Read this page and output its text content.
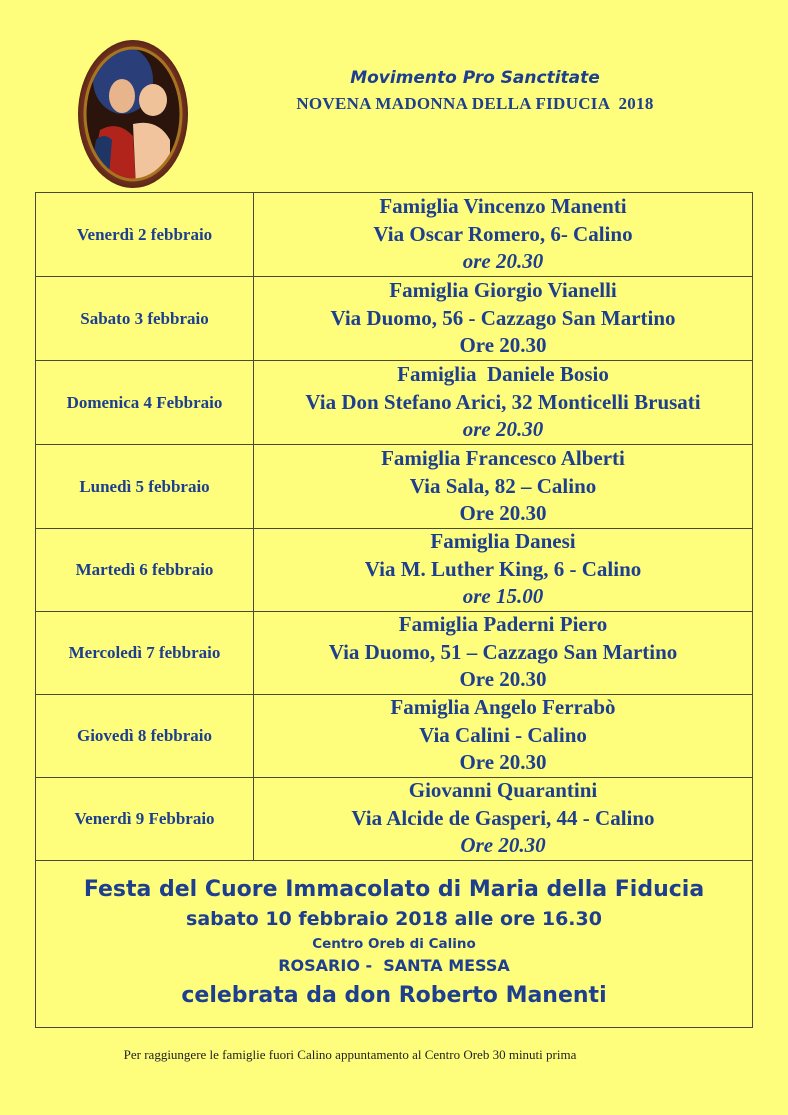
Movimento Pro Sanctitate
NOVENA MADONNA DELLA FIDUCIA  2018
Venerdì 2 febbraio
Famiglia Vincenzo Manenti
Via Oscar Romero, 6- Calino
ore 20.30
Sabato 3 febbraio
Famiglia Giorgio Vianelli
Via Duomo, 56 - Cazzago San Martino
Ore 20.30
Domenica 4 Febbraio
Famiglia  Daniele Bosio
Via Don Stefano Arici, 32 Monticelli Brusati
ore 20.30
Lunedì 5 febbraio
Famiglia Francesco Alberti
Via Sala, 82 – Calino
Ore 20.30
Martedì 6 febbraio
Famiglia Danesi
Via M. Luther King, 6 - Calino
ore 15.00
Mercoledì 7 febbraio
Famiglia Paderni Piero
Via Duomo, 51 – Cazzago San Martino
Ore 20.30
Giovedì 8 febbraio
Famiglia Angelo Ferrabò
Via Calini - Calino
Ore 20.30
Venerdì 9 Febbraio
Giovanni Quarantini
Via Alcide de Gasperi, 44 - Calino
Ore 20.30
Festa del Cuore Immacolato di Maria della Fiducia
sabato 10 febbraio 2018 alle ore 16.30
Centro Oreb di Calino
ROSARIO -  SANTA MESSA
celebrata da don Roberto Manenti
Per raggiungere le famiglie fuori Calino appuntamento al Centro Oreb 30 minuti prima
